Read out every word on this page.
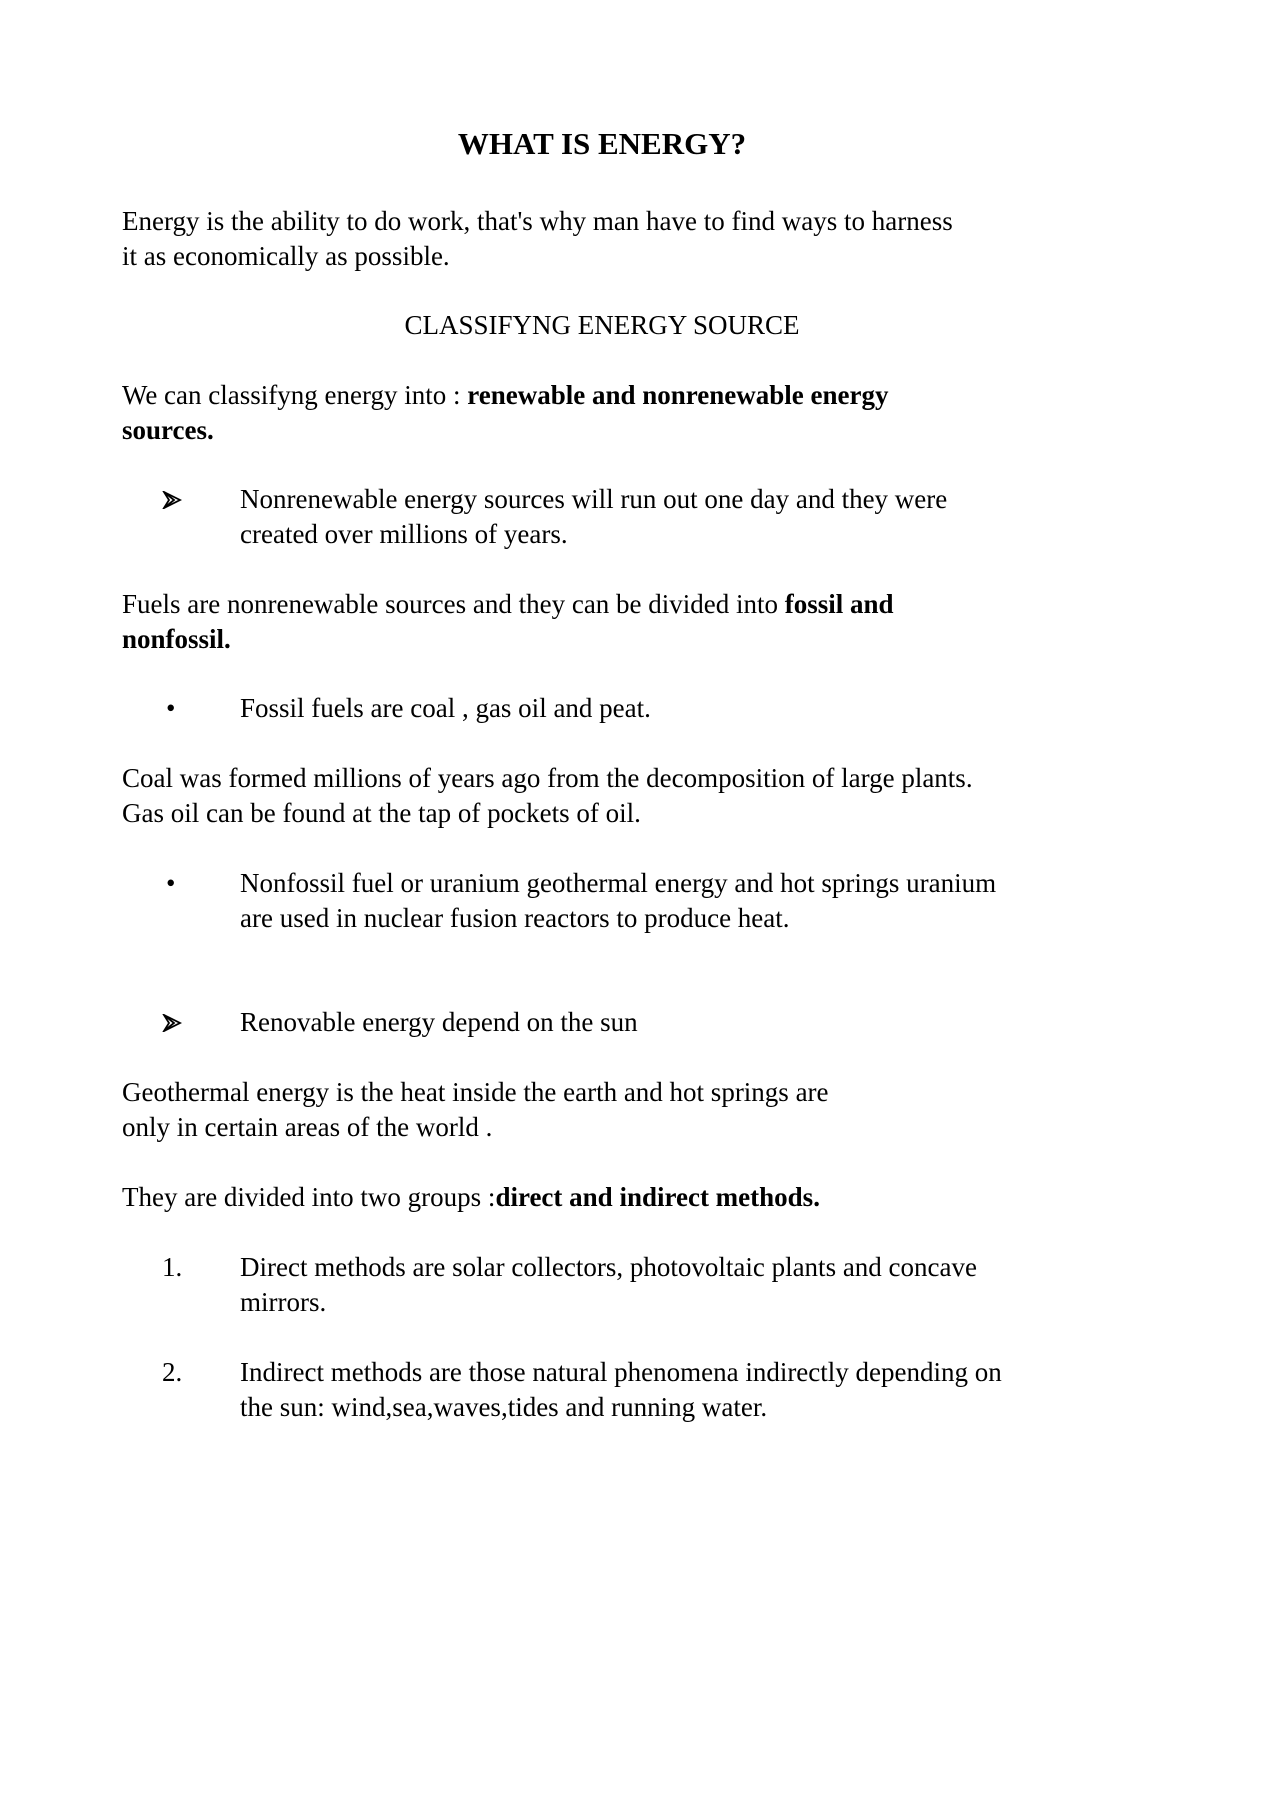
WHAT IS ENERGY?
Energy is the ability to do work, that's why man have to find ways to harness
it as economically as possible.
CLASSIFYNG ENERGY SOURCE
We can classifyng energy into : renewable and nonrenewable energy
sources.
Nonrenewable energy sources will run out one day and they were
created over millions of years.
Fuels are nonrenewable sources and they can be divided into fossil and
nonfossil.
•	Fossil fuels are coal , gas oil and peat.
Coal was formed millions of years ago from the decomposition of large plants.
Gas oil can be found at the tap of pockets of oil.
•	Nonfossil fuel or uranium geothermal energy and hot springs uranium
are used in nuclear fusion reactors to produce heat.
Renovable energy depend on the sun
Geothermal energy is the heat inside the earth and hot springs are
only in certain areas of the world .
They are divided into two groups :direct and indirect methods.
1.	Direct methods are solar collectors, photovoltaic plants and concave
mirrors.
2.	Indirect methods are those natural phenomena indirectly depending on
the sun: wind,sea,waves,tides and running water.
